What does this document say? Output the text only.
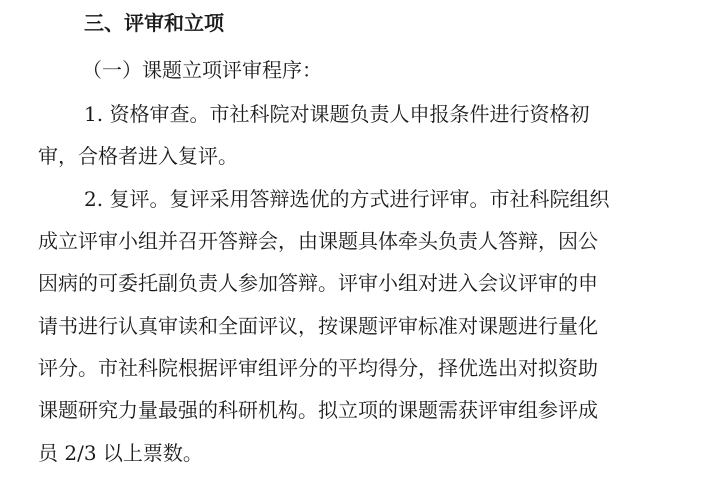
三、评审和立项
（一）课题立项评审程序：
1. 资格审查。市社科院对课题负责人申报条件进行资格初
审，合格者进入复评。
2. 复评。复评采用答辩选优的方式进行评审。市社科院组织
成立评审小组并召开答辩会，由课题具体牵头负责人答辩，因公
因病的可委托副负责人参加答辩。评审小组对进入会议评审的申
请书进行认真审读和全面评议，按课题评审标准对课题进行量化
评分。市社科院根据评审组评分的平均得分，择优选出对拟资助
课题研究力量最强的科研机构。拟立项的课题需获评审组参评成
员 2/3 以上票数。
